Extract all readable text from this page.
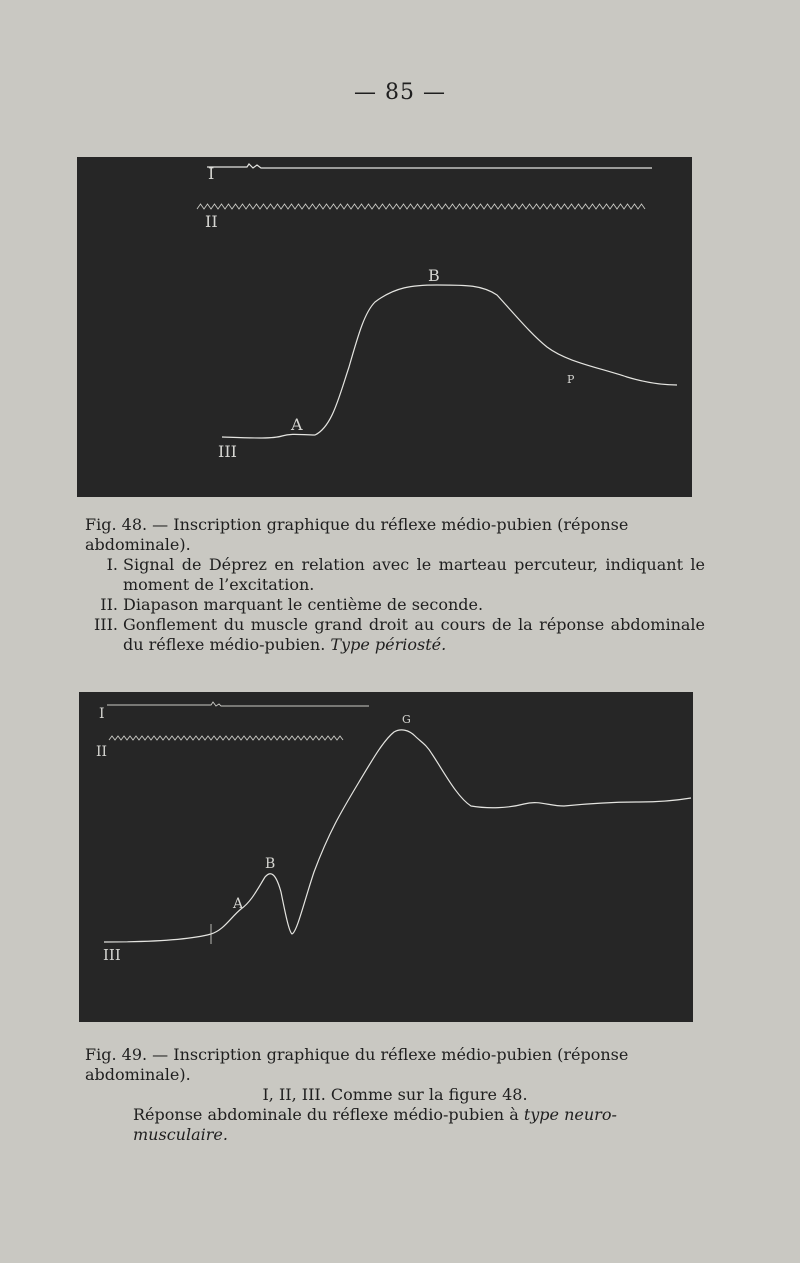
— 85 —
I
II
III
A
B
P
Fig. 48. — Inscription graphique du réflexe médio-pubien (réponse abdominale).
I. Signal de Déprez en relation avec le marteau percuteur, indiquant le moment de l’excitation.
II. Diapason marquant le centième de seconde.
III. Gonflement du muscle grand droit au cours de la réponse abdominale du réflexe médio-pubien. Type périosté.
I
II
III
A
B
G
Fig. 49. — Inscription graphique du réflexe médio-pubien (réponse abdominale).
I, II, III. Comme sur la figure 48.
Réponse abdominale du réflexe médio-pubien à type neuro-musculaire.
